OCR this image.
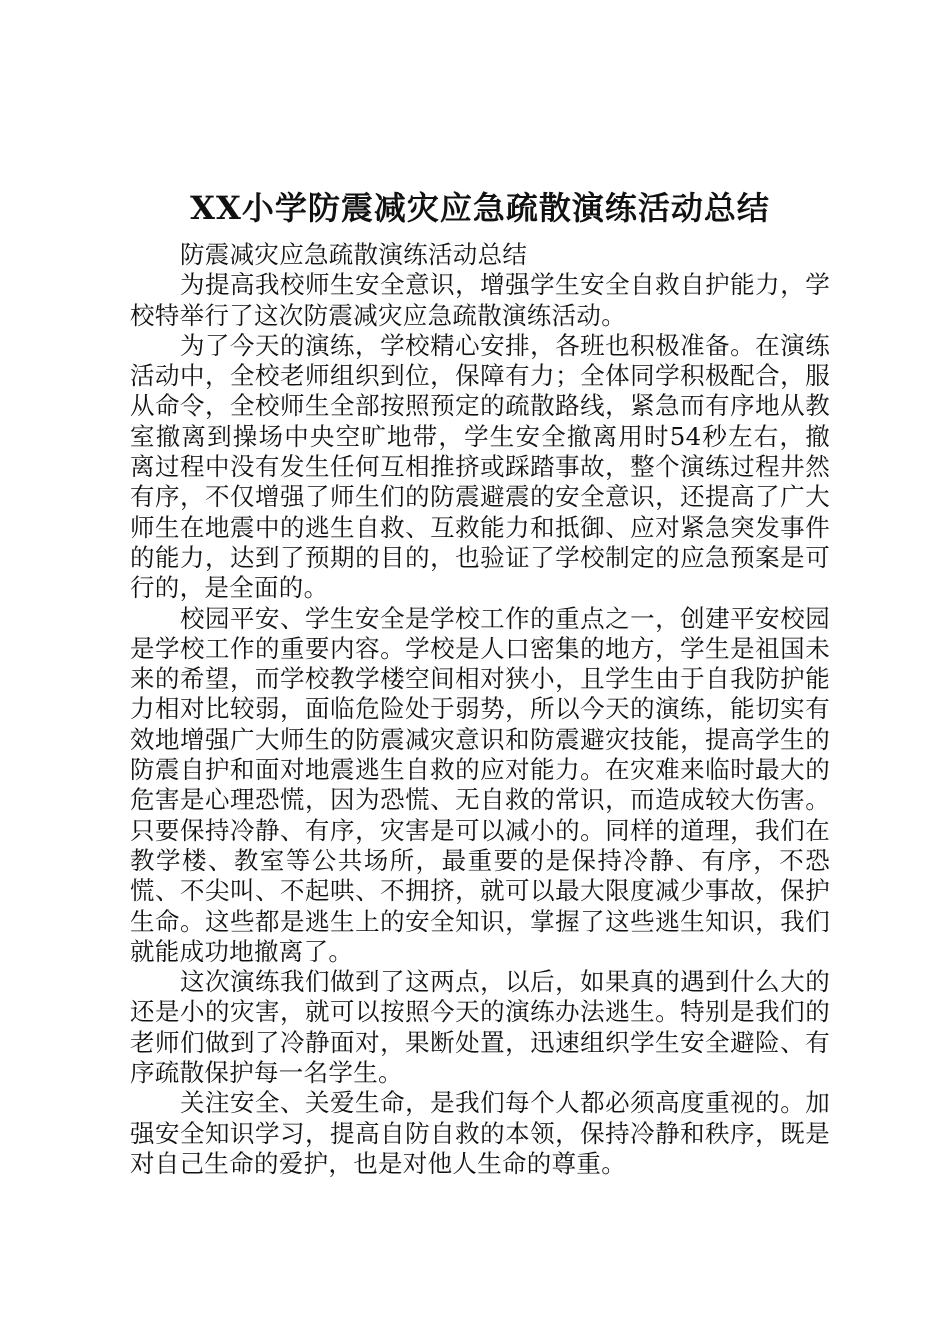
XX小学防震减灾应急疏散演练活动总结

防震减灾应急疏散演练活动总结

为提高我校师生安全意识，增强学生安全自救自护能力，学校特举行了这次防震减灾应急疏散演练活动。

为了今天的演练，学校精心安排，各班也积极准备。在演练活动中，全校老师组织到位，保障有力；全体同学积极配合，服从命令，全校师生全部按照预定的疏散路线，紧急而有序地从教室撤离到操场中央空旷地带，学生安全撤离用时54秒左右，撤离过程中没有发生任何互相推挤或踩踏事故，整个演练过程井然有序，不仅增强了师生们的防震避震的安全意识，还提高了广大师生在地震中的逃生自救、互救能力和抵御、应对紧急突发事件的能力，达到了预期的目的，也验证了学校制定的应急预案是可行的，是全面的。

校园平安、学生安全是学校工作的重点之一，创建平安校园是学校工作的重要内容。学校是人口密集的地方，学生是祖国未来的希望，而学校教学楼空间相对狭小，且学生由于自我防护能力相对比较弱，面临危险处于弱势，所以今天的演练，能切实有效地增强广大师生的防震减灾意识和防震避灾技能，提高学生的防震自护和面对地震逃生自救的应对能力。在灾难来临时最大的危害是心理恐慌，因为恐慌、无自救的常识，而造成较大伤害。只要保持冷静、有序，灾害是可以减小的。同样的道理，我们在教学楼、教室等公共场所，最重要的是保持冷静、有序，不恐慌、不尖叫、不起哄、不拥挤，就可以最大限度减少事故，保护生命。这些都是逃生上的安全知识，掌握了这些逃生知识，我们就能成功地撤离了。

这次演练我们做到了这两点，以后，如果真的遇到什么大的还是小的灾害，就可以按照今天的演练办法逃生。特别是我们的老师们做到了冷静面对，果断处置，迅速组织学生安全避险、有序疏散保护每一名学生。

关注安全、关爱生命，是我们每个人都必须高度重视的。加强安全知识学习，提高自防自救的本领，保持冷静和秩序，既是对自己生命的爱护，也是对他人生命的尊重。
